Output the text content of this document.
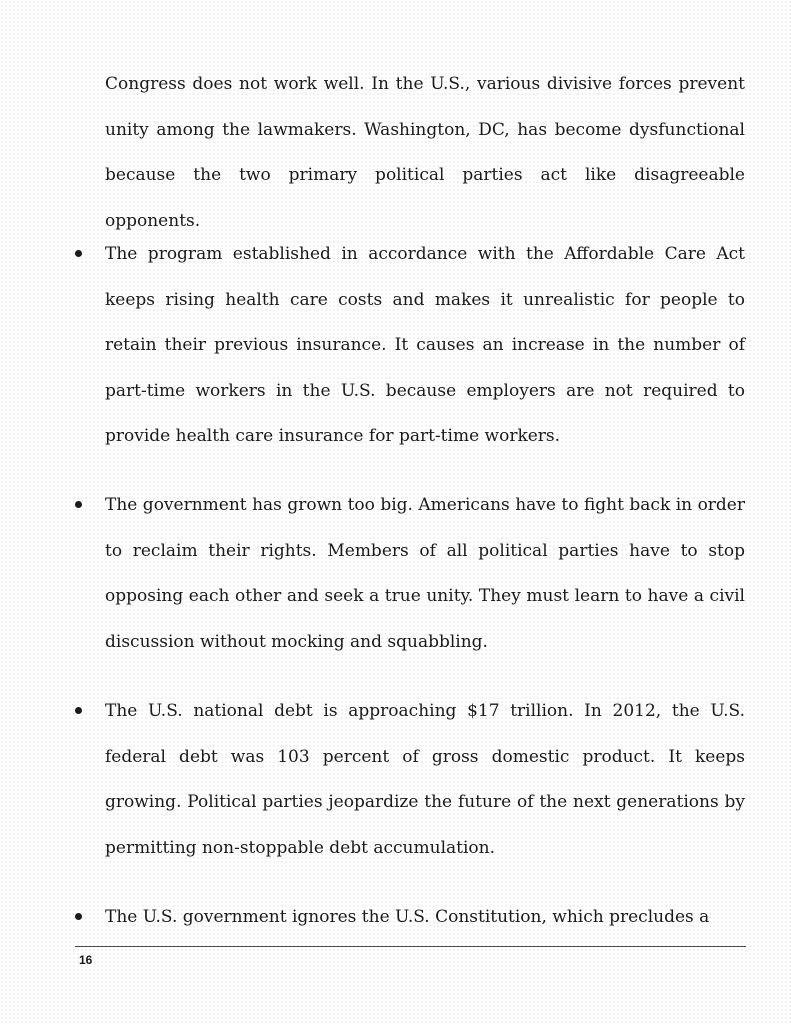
Congress does not work well. In the U.S., various divisive forces prevent unity among the lawmakers. Washington, DC, has become dysfunctional because the two primary political parties act like disagreeable opponents.

The program established in accordance with the Affordable Care Act keeps rising health care costs and makes it unrealistic for people to retain their previous insurance. It causes an increase in the number of part-time workers in the U.S. because employers are not required to provide health care insurance for part-time workers.

The government has grown too big. Americans have to fight back in order to reclaim their rights. Members of all political parties have to stop opposing each other and seek a true unity. They must learn to have a civil discussion without mocking and squabbling.

The U.S. national debt is approaching $17 trillion. In 2012, the U.S. federal debt was 103 percent of gross domestic product. It keeps growing. Political parties jeopardize the future of the next generations by permitting non-stoppable debt accumulation.

The U.S. government ignores the U.S. Constitution, which precludes a

16
